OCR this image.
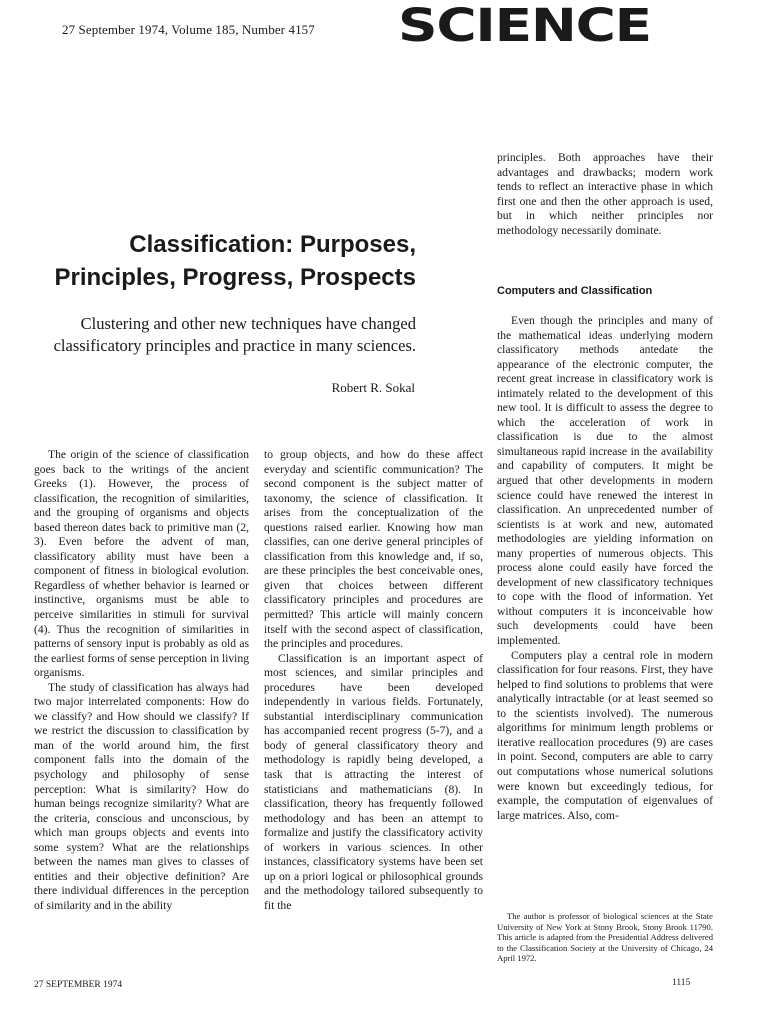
27 September 1974, Volume 185, Number 4157 SCIENCE
Classification: Purposes,
Principles, Progress, Prospects
Clustering and other new techniques have changed classificatory principles and practice in many sciences.
Robert R. Sokal

The origin of the science of classification goes back to the writings of the ancient Greeks (1). However, the process of classification, the recognition of similarities, and the grouping of organisms and objects based thereon dates back to primitive man (2, 3). Even before the advent of man, classificatory ability must have been a component of fitness in biological evolution. Regardless of whether behavior is learned or instinctive, organisms must be able to perceive similarities in stimuli for survival (4). Thus the recognition of similarities in patterns of sensory input is probably as old as the earliest forms of sense perception in living organisms.

The study of classification has always had two major interrelated components: How do we classify? and How should we classify? If we restrict the discussion to classification by man of the world around him, the first component falls into the domain of the psychology and philosophy of sense perception: What is similarity? How do human beings recognize similarity? What are the criteria, conscious and unconscious, by which man groups objects and events into some system? What are the relationships between the names man gives to classes of entities and their objective definition? Are there individual differences in the perception of similarity and in the ability

to group objects, and how do these affect everyday and scientific communication? The second component is the subject matter of taxonomy, the science of classification. It arises from the conceptualization of the questions raised earlier. Knowing how man classifies, can one derive general principles of classification from this knowledge and, if so, are these principles the best conceivable ones, given that choices between different classificatory principles and procedures are permitted? This article will mainly concern itself with the second aspect of classification, the principles and procedures.

Classification is an important aspect of most sciences, and similar principles and procedures have been developed independently in various fields. Fortunately, substantial interdisciplinary communication has accompanied recent progress (5-7), and a body of general classificatory theory and methodology is rapidly being developed, a task that is attracting the interest of statisticians and mathematicians (8). In classification, theory has frequently followed methodology and has been an attempt to formalize and justify the classificatory activity of workers in various sciences. In other instances, classificatory systems have been set up on a priori logical or philosophical grounds and the methodology tailored subsequently to fit the

principles. Both approaches have their advantages and drawbacks; modern work tends to reflect an interactive phase in which first one and then the other approach is used, but in which neither principles nor methodology necessarily dominate.

Computers and Classification

Even though the principles and many of the mathematical ideas underlying modern classificatory methods antedate the appearance of the electronic computer, the recent great increase in classificatory work is intimately related to the development of this new tool. It is difficult to assess the degree to which the acceleration of work in classification is due to the almost simultaneous rapid increase in the availability and capability of computers. It might be argued that other developments in modern science could have renewed the interest in classification. An unprecedented number of scientists is at work and new, automated methodologies are yielding information on many properties of numerous objects. This process alone could easily have forced the development of new classificatory techniques to cope with the flood of information. Yet without computers it is inconceivable how such developments could have been implemented.

Computers play a central role in modern classification for four reasons. First, they have helped to find solutions to problems that were analytically intractable (or at least seemed so to the scientists involved). The numerous algorithms for minimum length problems or iterative reallocation procedures (9) are cases in point. Second, computers are able to carry out computations whose numerical solutions were known but exceedingly tedious, for example, the computation of eigenvalues of large matrices. Also, com-

The author is professor of biological sciences at the State University of New York at Stony Brook, Stony Brook 11790. This article is adapted from the Presidential Address delivered to the Classification Society at the University of Chicago, 24 April 1972.

27 SEPTEMBER 1974	1115
